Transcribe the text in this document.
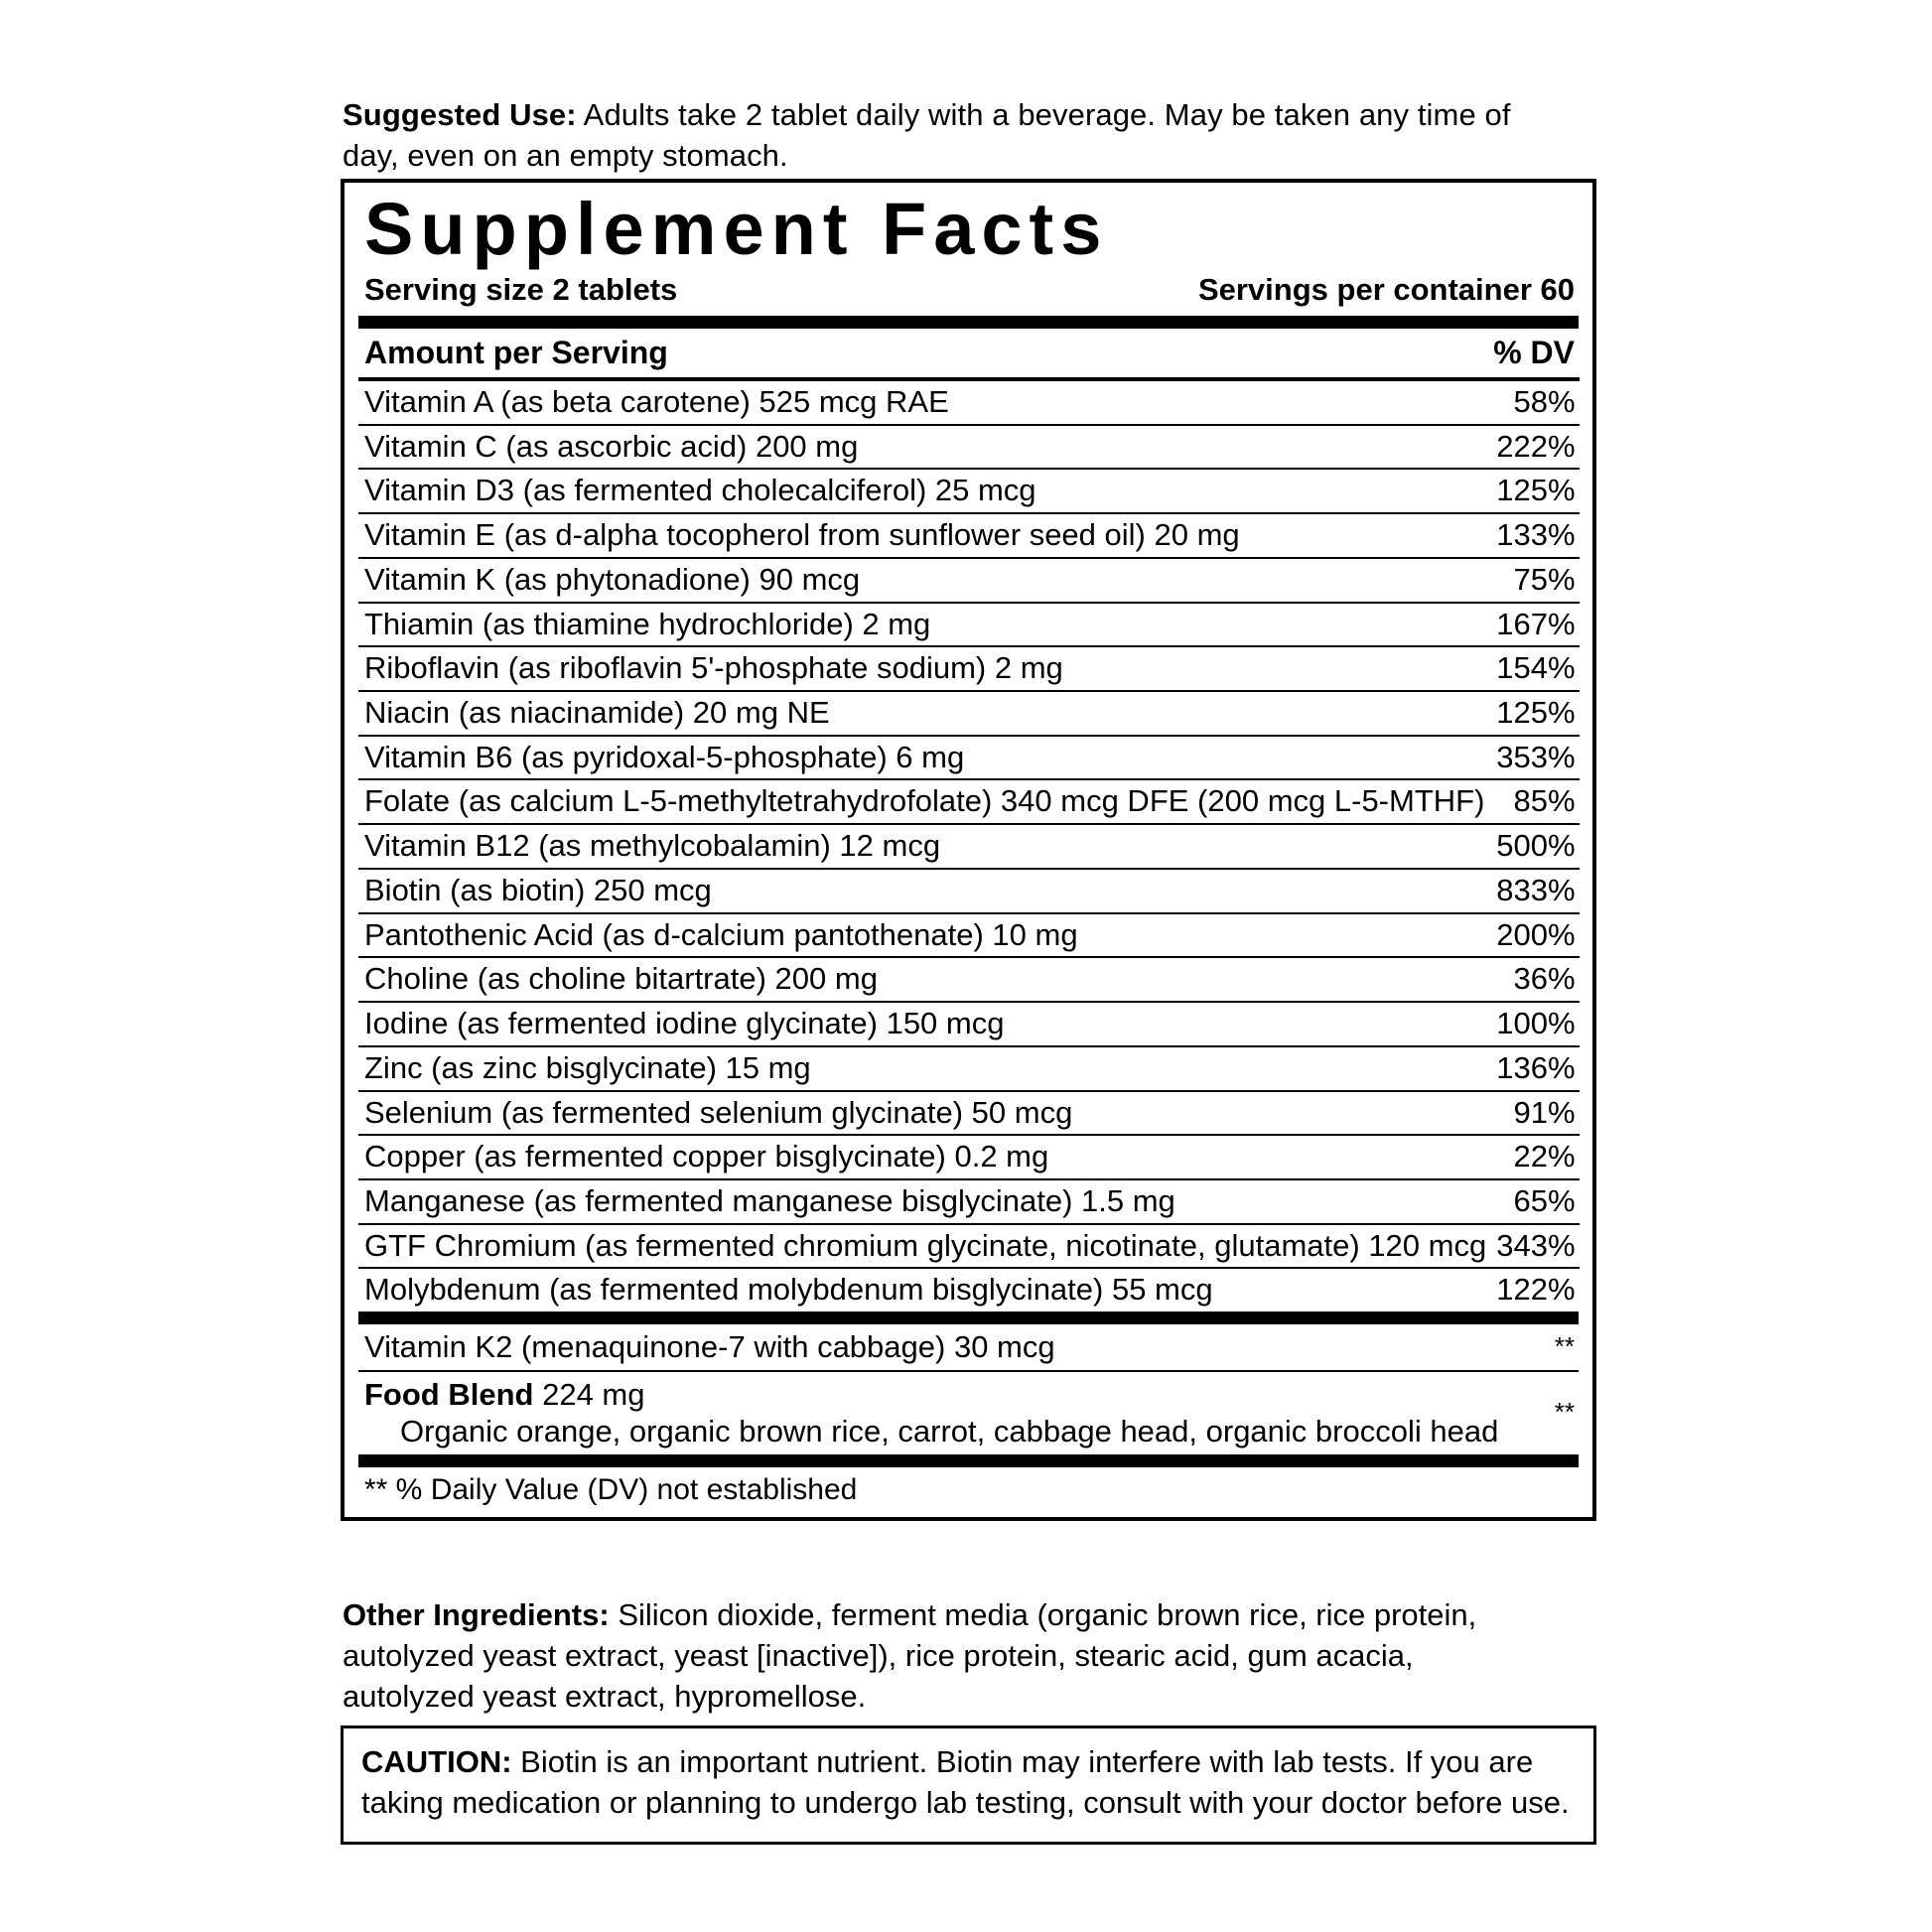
Suggested Use: Adults take 2 tablet daily with a beverage. May be taken any time of day, even on an empty stomach.
Supplement Facts
Serving size 2 tablets	Servings per container 60
Amount per Serving	% DV
Vitamin A (as beta carotene) 525 mcg RAE	58%
Vitamin C (as ascorbic acid) 200 mg	222%
Vitamin D3 (as fermented cholecalciferol) 25 mcg	125%
Vitamin E (as d-alpha tocopherol from sunflower seed oil) 20 mg	133%
Vitamin K (as phytonadione) 90 mcg	75%
Thiamin (as thiamine hydrochloride) 2 mg	167%
Riboflavin (as riboflavin 5'-phosphate sodium) 2 mg	154%
Niacin (as niacinamide) 20 mg NE	125%
Vitamin B6 (as pyridoxal-5-phosphate) 6 mg	353%
Folate (as calcium L-5-methyltetrahydrofolate) 340 mcg DFE (200 mcg L-5-MTHF)	85%
Vitamin B12 (as methylcobalamin) 12 mcg	500%
Biotin (as biotin) 250 mcg	833%
Pantothenic Acid (as d-calcium pantothenate) 10 mg	200%
Choline (as choline bitartrate) 200 mg	36%
Iodine (as fermented iodine glycinate) 150 mcg	100%
Zinc (as zinc bisglycinate) 15 mg	136%
Selenium (as fermented selenium glycinate) 50 mcg	91%
Copper (as fermented copper bisglycinate) 0.2 mg	22%
Manganese (as fermented manganese bisglycinate) 1.5 mg	65%
GTF Chromium (as fermented chromium glycinate, nicotinate, glutamate) 120 mcg	343%
Molybdenum (as fermented molybdenum bisglycinate) 55 mcg	122%
Vitamin K2 (menaquinone-7 with cabbage) 30 mcg	**
Food Blend 224 mg
Organic orange, organic brown rice, carrot, cabbage head, organic broccoli head	**
** % Daily Value (DV) not established
Other Ingredients: Silicon dioxide, ferment media (organic brown rice, rice protein, autolyzed yeast extract, yeast [inactive]), rice protein, stearic acid, gum acacia, autolyzed yeast extract, hypromellose.
CAUTION: Biotin is an important nutrient. Biotin may interfere with lab tests. If you are taking medication or planning to undergo lab testing, consult with your doctor before use.
